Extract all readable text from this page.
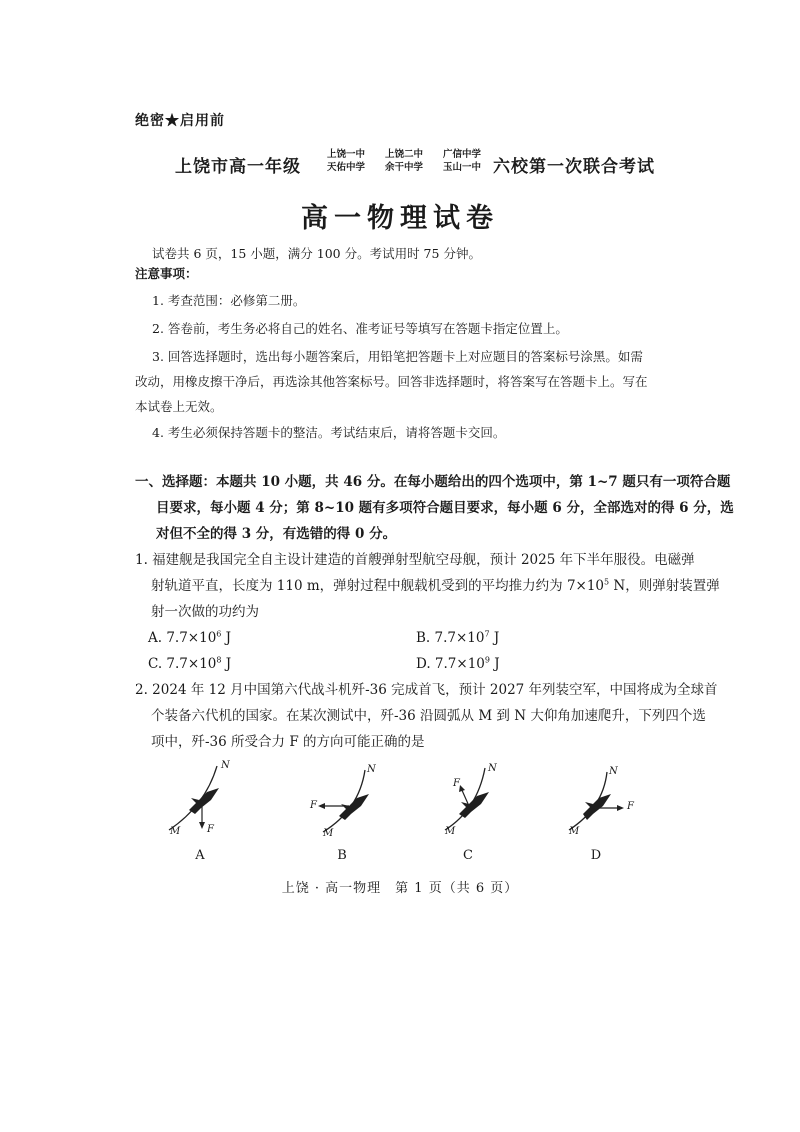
绝密★启用前
上饶市高一年级
上饶一中 上饶二中 广信中学
天佑中学 余干中学 玉山一中 六校第一次联合考试
高一物理试卷
试卷共 6 页，15 小题，满分 100 分。考试用时 75 分钟。
注意事项：
1. 考查范围：必修第二册。
2. 答卷前，考生务必将自己的姓名、准考证号等填写在答题卡指定位置上。
3. 回答选择题时，选出每小题答案后，用铅笔把答题卡上对应题目的答案标号涂黑。如需
改动，用橡皮擦干净后，再选涂其他答案标号。回答非选择题时，将答案写在答题卡上。写在
本试卷上无效。
4. 考生必须保持答题卡的整洁。考试结束后，请将答题卡交回。
一、选择题：本题共 10 小题，共 46 分。在每小题给出的四个选项中，第 1~7 题只有一项符合题
目要求，每小题 4 分；第 8~10 题有多项符合题目要求，每小题 6 分，全部选对的得 6 分，选
对但不全的得 3 分，有选错的得 0 分。
1. 福建舰是我国完全自主设计建造的首艘弹射型航空母舰，预计 2025 年下半年服役。电磁弹
射轨道平直，长度为 110 m，弹射过程中舰载机受到的平均推力约为 $7\times 10^5$ N，则弹射装置弹
射一次做的功约为
A. $7.7\times 10^6$ J	B. $7.7\times 10^7$ J
C. $7.7\times 10^8$ J	D. $7.7\times 10^9$ J
2. 2024 年 12 月中国第六代战斗机歼-36 完成首飞，预计 2027 年列装空军，中国将成为全球首
个装备六代机的国家。在某次测试中，歼-36 沿圆弧从 M 到 N 大仰角加速爬升，下列四个选
项中，歼-36 所受合力 F 的方向可能正确的是
M
N
F
A
M
N
F
B
M
N
F
C
M
N
F
D
上饶 · 高一物理　第 1 页（共 6 页）
